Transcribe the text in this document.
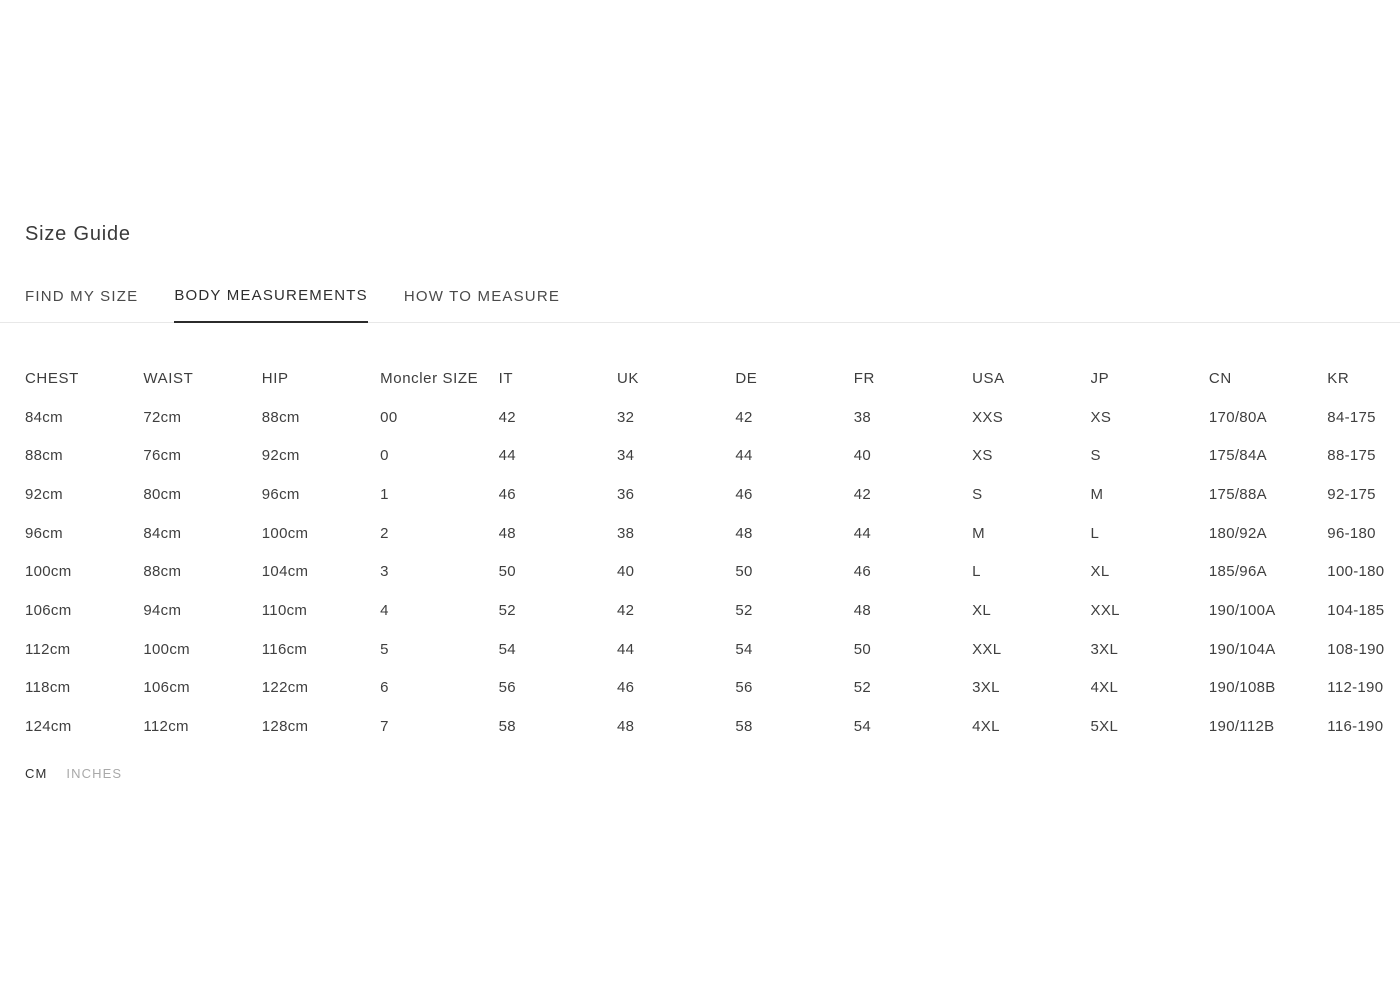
Size Guide
FIND MY SIZE BODY MEASUREMENTS HOW TO MEASURE
CHEST	WAIST	HIP	Moncler SIZE	IT	UK	DE	FR	USA	JP	CN	KR
84cm	72cm	88cm	00	42	32	42	38	XXS	XS	170/80A	84-175
88cm	76cm	92cm	0	44	34	44	40	XS	S	175/84A	88-175
92cm	80cm	96cm	1	46	36	46	42	S	M	175/88A	92-175
96cm	84cm	100cm	2	48	38	48	44	M	L	180/92A	96-180
100cm	88cm	104cm	3	50	40	50	46	L	XL	185/96A	100-180
106cm	94cm	110cm	4	52	42	52	48	XL	XXL	190/100A	104-185
112cm	100cm	116cm	5	54	44	54	50	XXL	3XL	190/104A	108-190
118cm	106cm	122cm	6	56	46	56	52	3XL	4XL	190/108B	112-190
124cm	112cm	128cm	7	58	48	58	54	4XL	5XL	190/112B	116-190
CM INCHES
